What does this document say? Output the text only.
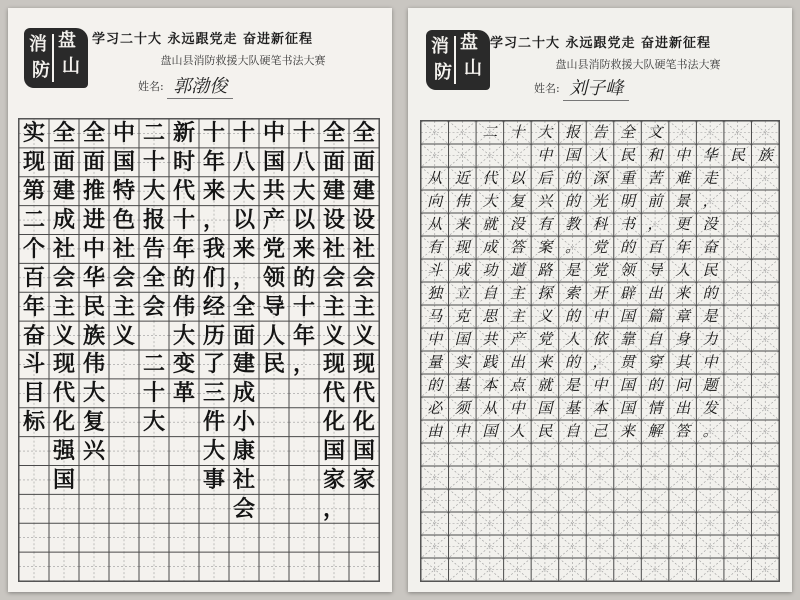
消 盘
山
防
学习二十大 永远跟党走 奋进新征程
盘山县消防救援大队硬笔书法大赛
姓名: 郭渤俊
全
面
建
设
社
会
主
义
现
代
化
国
家
全
面
建
设
社
会
主
义
现
代
化
国
家
，
十
八
大
以
来
的
十
年
，
中
国
共
产
党
领
导
人
民
十
八
大
以
来
，
全
面
建
成
小
康
社
会
十
年
来
，
我
们
经
历
了
三
件
大
事
新
时
代
十
年
的
伟
大
变
革
二
十
大
报
告
全
会
二
十
大
中
国
特
色
社
会
主
义
全
面
推
进
中
华
民
族
伟
大
复
兴
全
面
建
成
社
会
主
义
现
代
化
强
国
实
现
第
二
个
百
年
奋
斗
目
标
消 盘
山
防
学习二十大 永远跟党走 奋进新征程
盘山县消防救援大队硬笔书法大赛
姓名: 刘子峰
二 十 大 报 告 全 文
中 国 人 民 和 中 华 民 族
从 近 代 以 后 的 深 重 苦 难 走
向 伟 大 复 兴 的 光 明 前 景 ，
从 来 就 没 有 教 科 书 ， 更 没
有 现 成 答 案 。 党 的 百 年 奋
斗 成 功 道 路 是 党 领 导 人 民
独 立 自 主 探 索 开 辟 出 来 的
马 克 思 主 义 的 中 国 篇 章 是
中 国 共 产 党 人 依 靠 自 身 力
量 实 践 出 来 的 ， 贯 穿 其 中
的 基 本 点 就 是 中 国 的 问 题
必 须 从 中 国 基 本 国 情 出 发
由 中 国 人 民 自 己 来 解 答 。
